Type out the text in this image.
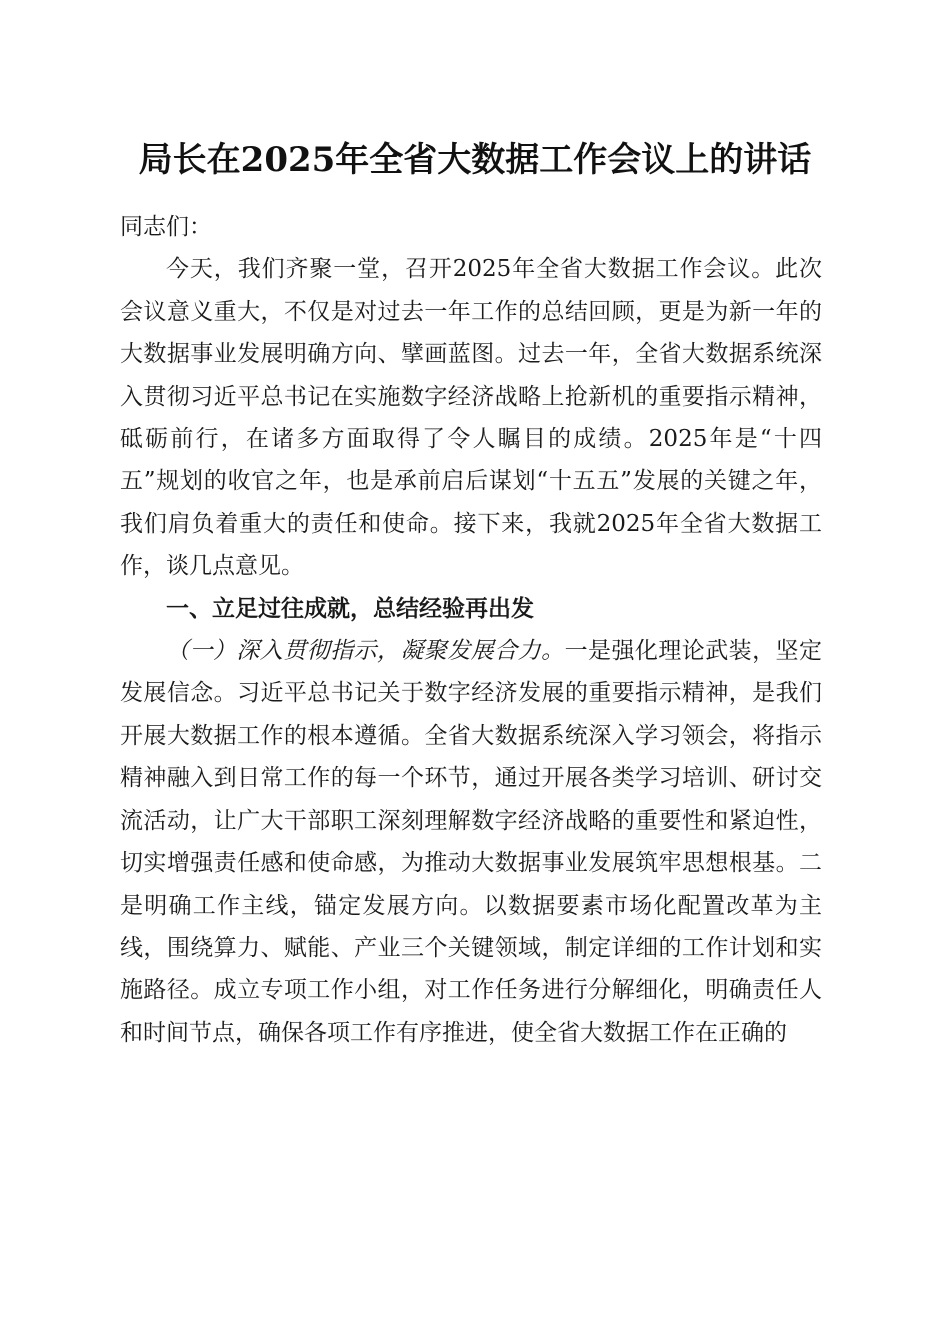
局长在2025年全省大数据工作会议上的讲话

同志们：

今天，我们齐聚一堂，召开2025年全省大数据工作会议。此次会议意义重大，不仅是对过去一年工作的总结回顾，更是为新一年的大数据事业发展明确方向、擘画蓝图。过去一年，全省大数据系统深入贯彻习近平总书记在实施数字经济战略上抢新机的重要指示精神，砥砺前行，在诸多方面取得了令人瞩目的成绩。2025年是“十四五”规划的收官之年，也是承前启后谋划“十五五”发展的关键之年，我们肩负着重大的责任和使命。接下来，我就2025年全省大数据工作，谈几点意见。

一、立足过往成就，总结经验再出发

（一）深入贯彻指示，凝聚发展合力。一是强化理论武装，坚定发展信念。习近平总书记关于数字经济发展的重要指示精神，是我们开展大数据工作的根本遵循。全省大数据系统深入学习领会，将指示精神融入到日常工作的每一个环节，通过开展各类学习培训、研讨交流活动，让广大干部职工深刻理解数字经济战略的重要性和紧迫性，切实增强责任感和使命感，为推动大数据事业发展筑牢思想根基。二是明确工作主线，锚定发展方向。以数据要素市场化配置改革为主线，围绕算力、赋能、产业三个关键领域，制定详细的工作计划和实施路径。成立专项工作小组，对工作任务进行分解细化，明确责任人和时间节点，确保各项工作有序推进，使全省大数据工作在正确的
